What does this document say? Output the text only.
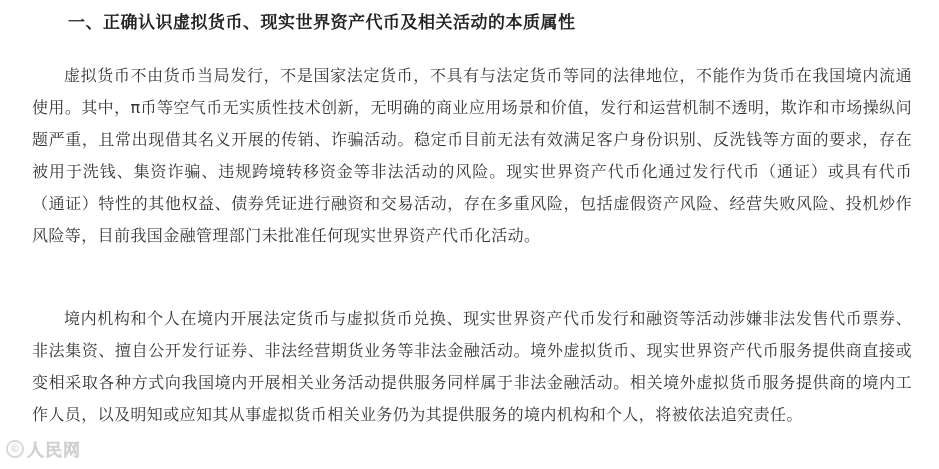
一、正确认识虚拟货币、现实世界资产代币及相关活动的本质属性

虚拟货币不由货币当局发行，不是国家法定货币，不具有与法定货币等同的法律地位，不能作为货币在我国境内流通使用。其中，π币等空气币无实质性技术创新，无明确的商业应用场景和价值，发行和运营机制不透明，欺诈和市场操纵问题严重，且常出现借其名义开展的传销、诈骗活动。稳定币目前无法有效满足客户身份识别、反洗钱等方面的要求，存在被用于洗钱、集资诈骗、违规跨境转移资金等非法活动的风险。现实世界资产代币化通过发行代币（通证）或具有代币（通证）特性的其他权益、债券凭证进行融资和交易活动，存在多重风险，包括虚假资产风险、经营失败风险、投机炒作风险等，目前我国金融管理部门未批准任何现实世界资产代币化活动。

境内机构和个人在境内开展法定货币与虚拟货币兑换、现实世界资产代币发行和融资等活动涉嫌非法发售代币票券、非法集资、擅自公开发行证券、非法经营期货业务等非法金融活动。境外虚拟货币、现实世界资产代币服务提供商直接或变相采取各种方式向我国境内开展相关业务活动提供服务同样属于非法金融活动。相关境外虚拟货币服务提供商的境内工作人员，以及明知或应知其从事虚拟货币相关业务仍为其提供服务的境内机构和个人，将被依法追究责任。

© 人民网
